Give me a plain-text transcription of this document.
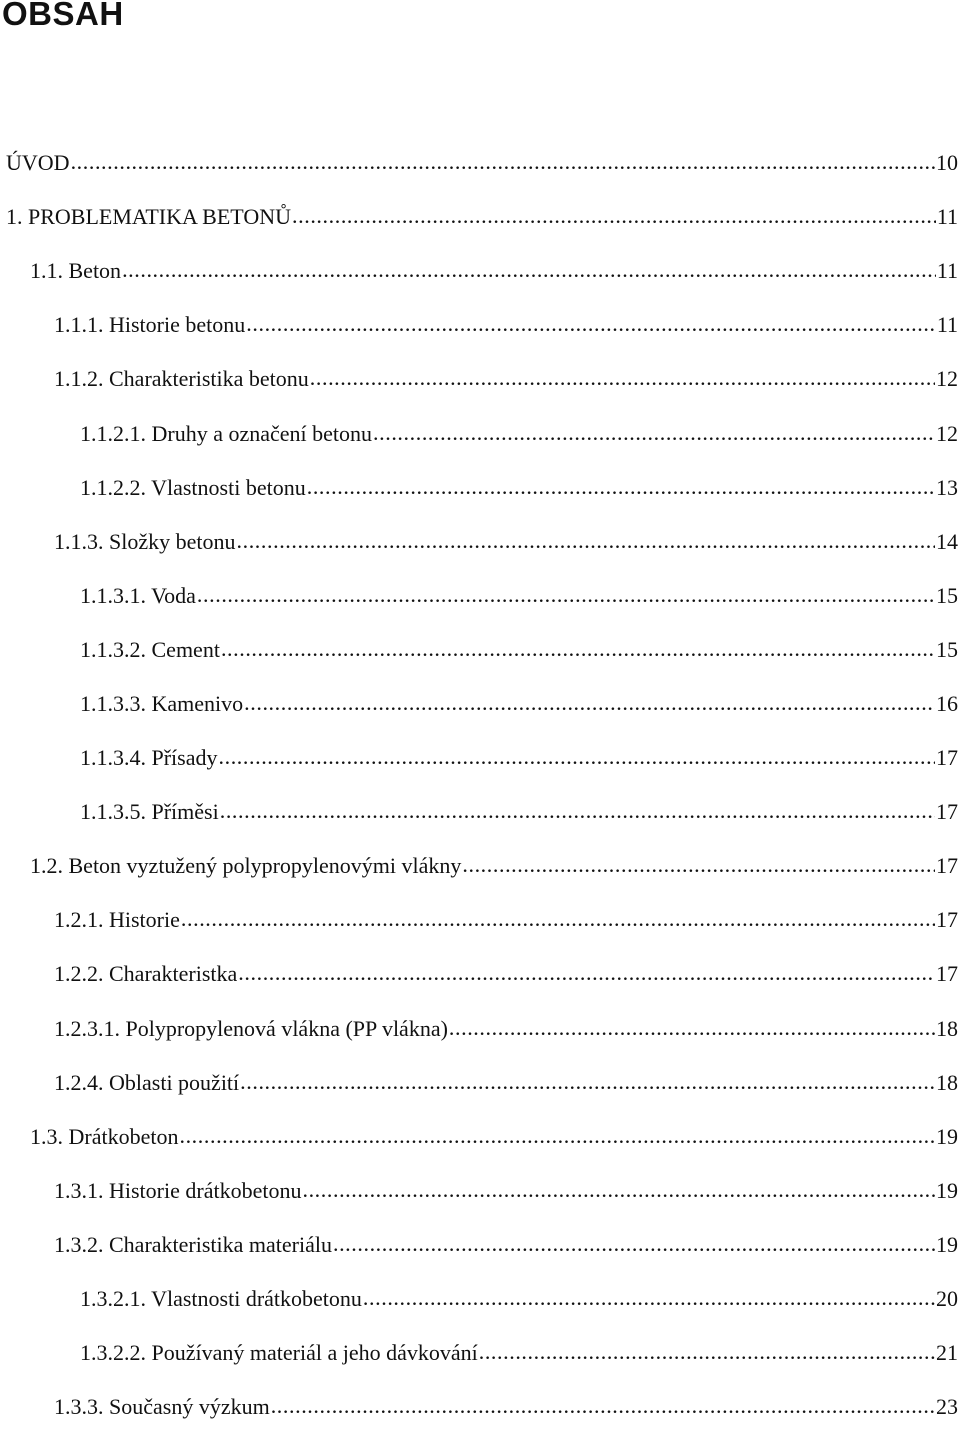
OBSAH
ÚVOD .....	10
1. PROBLEMATIKA BETONŮ .....	11
1.1. Beton .....	11
1.1.1. Historie betonu .....	11
1.1.2. Charakteristika betonu .....	12
1.1.2.1. Druhy a označení betonu .....	12
1.1.2.2. Vlastnosti betonu .....	13
1.1.3. Složky betonu .....	14
1.1.3.1. Voda .....	15
1.1.3.2. Cement .....	15
1.1.3.3. Kamenivo .....	16
1.1.3.4. Přísady .....	17
1.1.3.5. Příměsi .....	17
1.2. Beton vyztužený polypropylenovými vlákny .....	17
1.2.1. Historie .....	17
1.2.2. Charakteristka .....	17
1.2.3.1. Polypropylenová vlákna (PP vlákna) .....	18
1.2.4. Oblasti použití .....	18
1.3. Drátkobeton .....	19
1.3.1. Historie drátkobetonu .....	19
1.3.2. Charakteristika materiálu .....	19
1.3.2.1. Vlastnosti drátkobetonu .....	20
1.3.2.2. Používaný materiál a jeho dávkování .....	21
1.3.3. Současný výzkum .....	23
